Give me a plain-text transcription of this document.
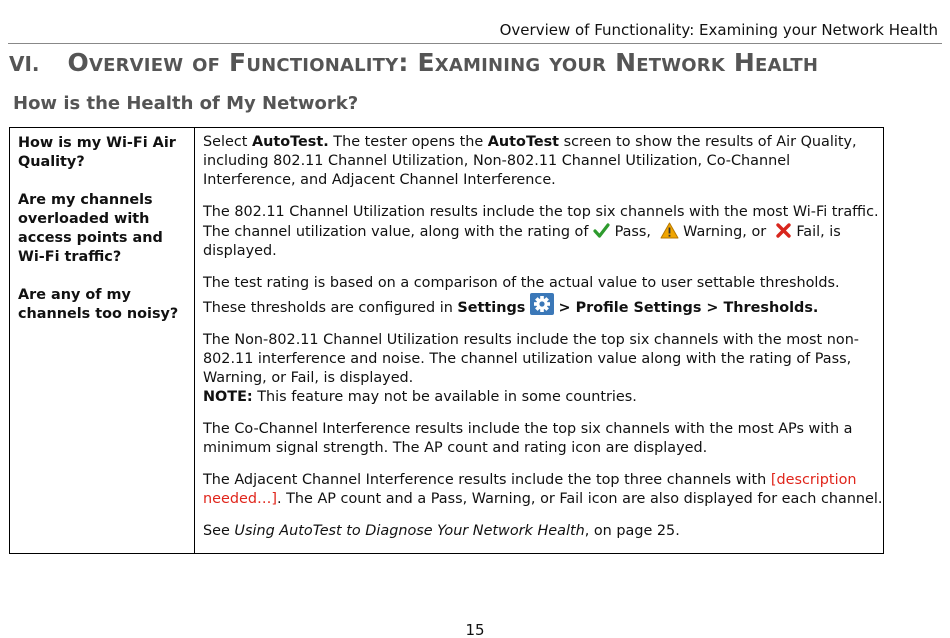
Overview of Functionality: Examining your Network Health
VI. Overview of Functionality: Examining your Network Health
How is the Health of My Network?

How is my Wi-Fi Air Quality?

Are my channels overloaded with access points and Wi-Fi traffic?

Are any of my channels too noisy?

Select AutoTest. The tester opens the AutoTest screen to show the results of Air Quality, including 802.11 Channel Utilization, Non-802.11 Channel Utilization, Co-Channel Interference, and Adjacent Channel Interference.
The 802.11 Channel Utilization results include the top six channels with the most Wi-Fi traffic. The channel utilization value, along with the rating of  Pass, Warning, or Fail, is displayed.
The test rating is based on a comparison of the actual value to user settable thresholds. These thresholds are configured in Settings > Profile Settings > Thresholds.
The Non-802.11 Channel Utilization results include the top six channels with the most non-802.11 interference and noise. The channel utilization value along with the rating of Pass, Warning, or Fail, is displayed.
NOTE: This feature may not be available in some countries.
The Co-Channel Interference results include the top six channels with the most APs with a minimum signal strength. The AP count and rating icon are displayed.
The Adjacent Channel Interference results include the top three channels with [description needed…]. The AP count and a Pass, Warning, or Fail icon are also displayed for each channel.
See Using AutoTest to Diagnose Your Network Health, on page 25.
15
